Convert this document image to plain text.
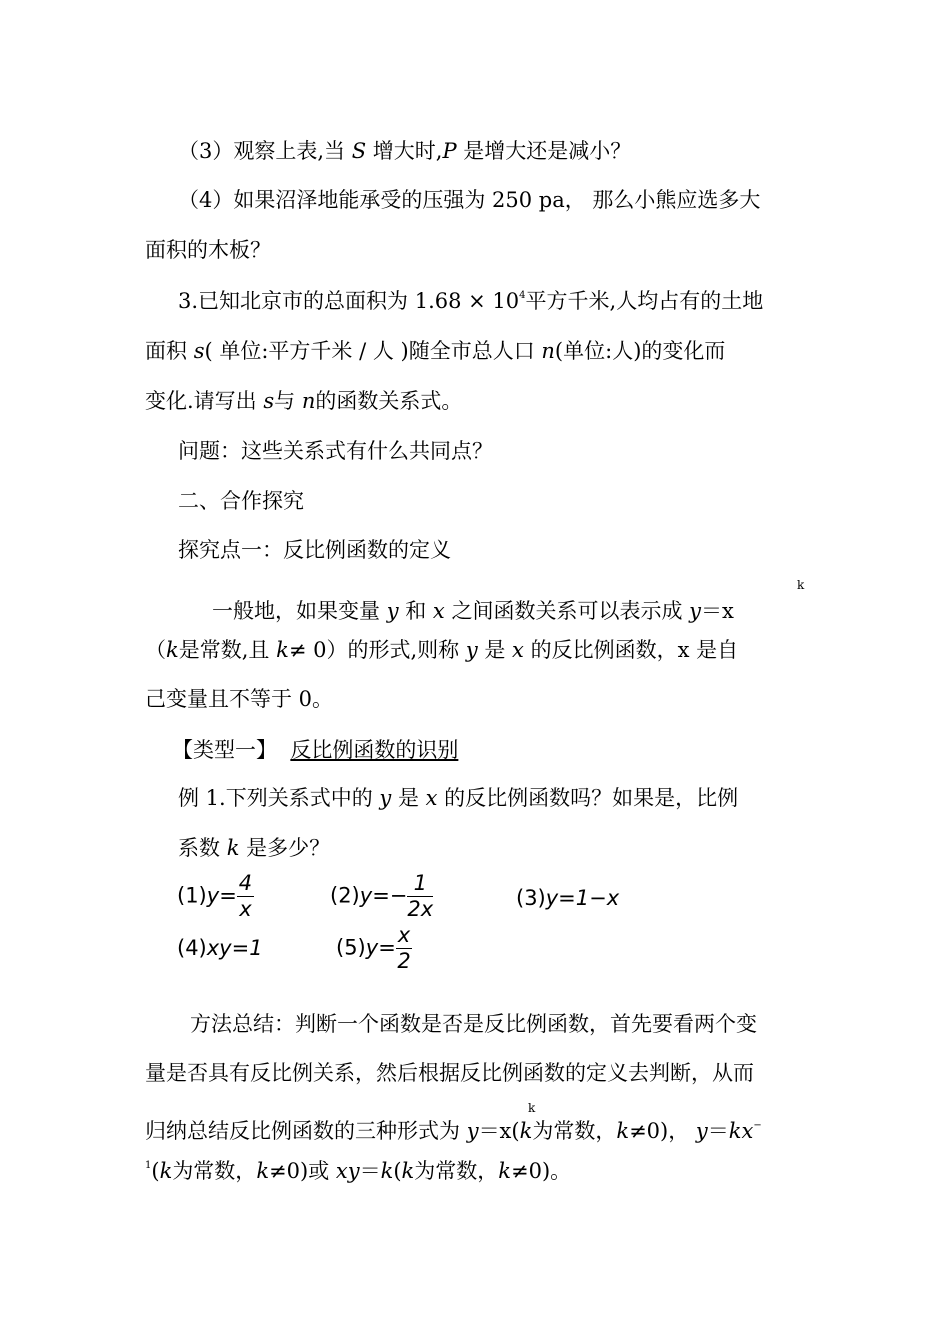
（3）观察上表,当 S 增大时,P 是增大还是减小？
（4）如果沼泽地能承受的压强为 250 pa， 那么小熊应选多大
面积的木板？
3.已知北京市的总面积为 $1.68 \times 10^4$平方千米,人均占有的土地
面积 s( 单位:平方千米 / 人 )随全市总人口 n(单位:人)的变化而
变化.请写出 s与 n的函数关系式。
问题：这些关系式有什么共同点？
二、合作探究
探究点一：反比例函数的定义
k
一般地，如果变量 y 和 x 之间函数关系可以表示成 y＝x
（k是常数,且 k≠ 0）的形式,则称 y 是 x 的反比例函数，x 是自
己变量且不等于 0。
【类型一】 反比例函数的识别
例 1.下列关系式中的 y 是 x 的反比例函数吗？如果是，比例
系数 k 是多少？
$(1)y= \frac{4}{x}$	$(2)y=- \frac{1}{2x}$	(3)y=1−x
(4)xy=1	$(5)y= \frac{x}{2}$
方法总结：判断一个函数是否是反比例函数，首先要看两个变
量是否具有反比例关系，然后根据反比例函数的定义去判断，从而
k
归纳总结反比例函数的三种形式为 y＝x(k为常数，k≠0)， y＝kx−
$^1$(k为常数，k≠0)或 xy＝k(k为常数，k≠0)。
